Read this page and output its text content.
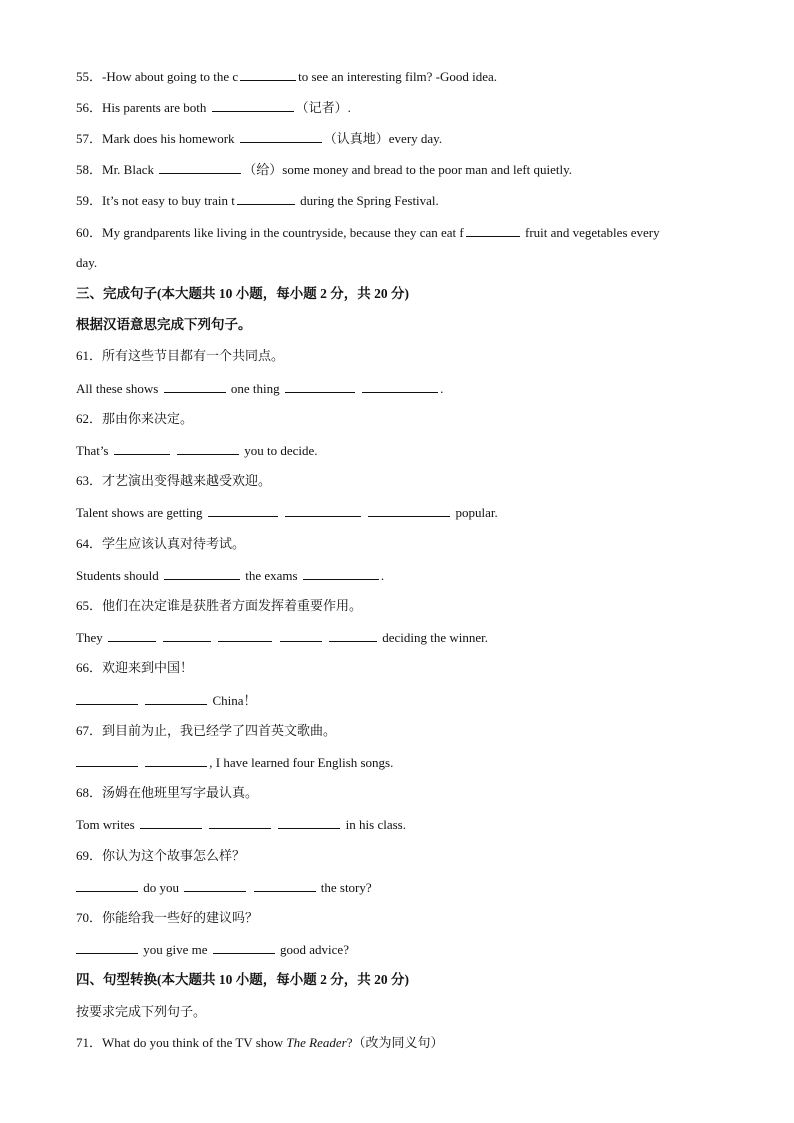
55．-How about going to the c	to see an interesting film? -Good idea.
56．His parents are both	（记者）.
57．Mark does his homework	（认真地）every day.
58．Mr. Black	（给）some money and bread to the poor man and left quietly.
59．It’s not easy to buy train t	during the Spring Festival.
60．My grandparents like living in the countryside, because they can eat f	fruit and vegetables every
day.
三、完成句子(本大题共 10 小题，每小题 2 分，共 20 分)
根据汉语意思完成下列句子。
61．所有这些节目都有一个共同点。
All these shows	one thing	.
62．那由你来决定。
That’s	you to decide.
63．才艺演出变得越来越受欢迎。
Talent shows are getting	popular.
64．学生应该认真对待考试。
Students should	the exams	.
65．他们在决定谁是获胜者方面发挥着重要作用。
They	deciding the winner.
66．欢迎来到中国！
China！
67．到目前为止，我已经学了四首英文歌曲。
, I have learned four English songs.
68．汤姆在他班里写字最认真。
Tom writes	in his class.
69．你认为这个故事怎么样？
do you	the story?
70．你能给我一些好的建议吗？
you give me	good advice?
四、句型转换(本大题共 10 小题，每小题 2 分，共 20 分)
按要求完成下列句子。
71．What do you think of the TV show The Reader?（改为同义句）
